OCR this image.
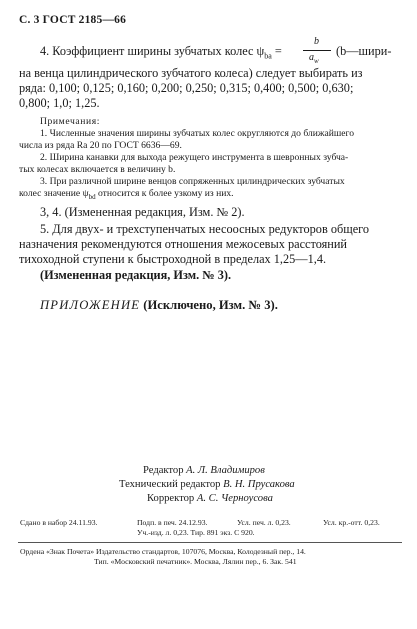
С. 3 ГОСТ 2185—66
4. Коэффициент ширины зубчатых колес $\psi_{ba}$ =
b
$a_w$
(b—шири-
на венца цилиндрического зубчатого колеса) следует выбирать из
ряда: 0,100; 0,125; 0,160; 0,200; 0,250; 0,315; 0,400; 0,500; 0,630;
0,800; 1,0; 1,25.
Примечания:
1. Численные значения ширины зубчатых колес округляются до ближайшего
числа из ряда Ra 20 по ГОСТ 6636—69.
2. Ширина канавки для выхода режущего инструмента в шевронных зубча-
тых колесах включается в величину b.
3. При различной ширине венцов сопряженных цилиндрических зубчатых
колес значение $\psi_{bd}$ относится к более узкому из них.
3, 4. (Измененная редакция, Изм. № 2).
5. Для двух- и трехступенчатых несоосных редукторов общего
назначения рекомендуются отношения межосевых расстояний
тихоходной ступени к быстроходной в пределах 1,25—1,4.
(Измененная редакция, Изм. № 3).
ПРИЛОЖЕНИЕ (Исключено, Изм. № 3).
Редактор А. Л. Владимиров
Технический редактор В. Н. Прусакова
Корректор А. С. Черноусова
Сдано в набор 24.11.93.	Подп. в печ. 24.12.93.	Усл. печ. л. 0,23.	Усл. кр.-отт. 0,23.
Уч.-изд. л. 0,23. Тир. 891 экз. С 920.
Ордена «Знак Почета» Издательство стандартов, 107076, Москва, Колодезный пер., 14.
Тип. «Московский печатник». Москва, Лялин пер., 6. Зак. 541
